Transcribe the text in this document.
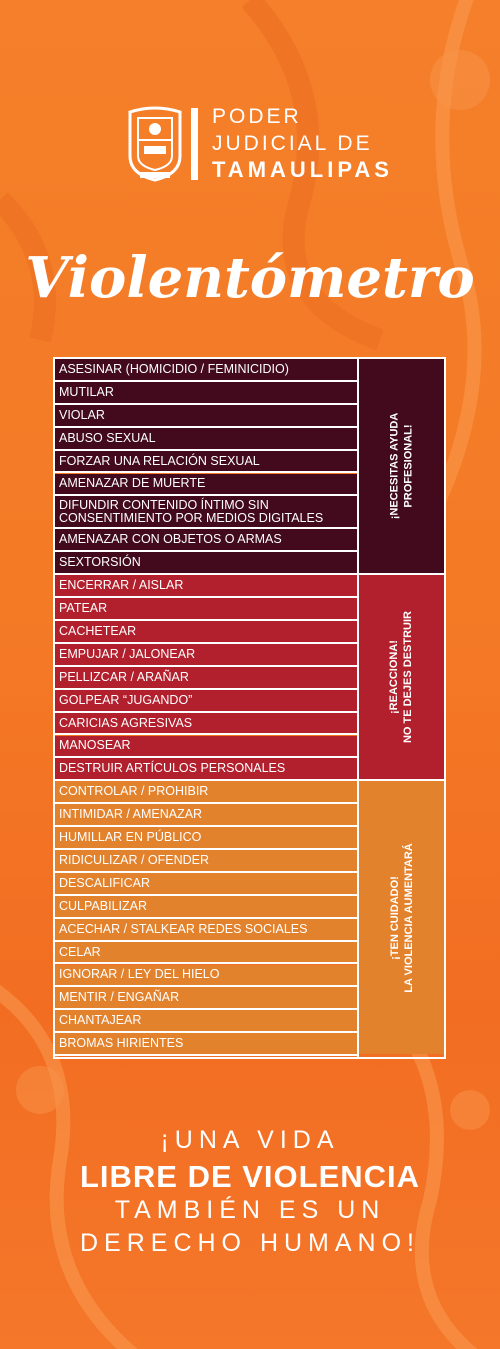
PODER
JUDICIAL DE
TAMAULIPAS
Violentómetro
ASESINAR (HOMICIDIO / FEMINICIDIO)
MUTILAR
VIOLAR
ABUSO SEXUAL
FORZAR UNA RELACIÓN SEXUAL
AMENAZAR DE MUERTE
DIFUNDIR CONTENIDO ÍNTIMO SIN
CONSENTIMIENTO POR MEDIOS DIGITALES
AMENAZAR CON OBJETOS O ARMAS
SEXTORSIÓN
ENCERRAR / AISLAR
PATEAR
CACHETEAR
EMPUJAR / JALONEAR
PELLIZCAR / ARAÑAR
GOLPEAR “JUGANDO”
CARICIAS AGRESIVAS
MANOSEAR
DESTRUIR ARTÍCULOS PERSONALES
CONTROLAR / PROHIBIR
INTIMIDAR / AMENAZAR
HUMILLAR EN PÚBLICO
RIDICULIZAR / OFENDER
DESCALIFICAR
CULPABILIZAR
ACECHAR / STALKEAR REDES SOCIALES
CELAR
IGNORAR / LEY DEL HIELO
MENTIR / ENGAÑAR
CHANTAJEAR
BROMAS HIRIENTES
¡NECESITAS AYUDA PROFESIONAL!
¡REACCIONA! NO TE DEJES DESTRUIR
¡TEN CUIDADO! LA VIOLENCIA AUMENTARÁ
¡UNA VIDA
LIBRE DE VIOLENCIA
TAMBIÉN ES UN
DERECHO HUMANO!
